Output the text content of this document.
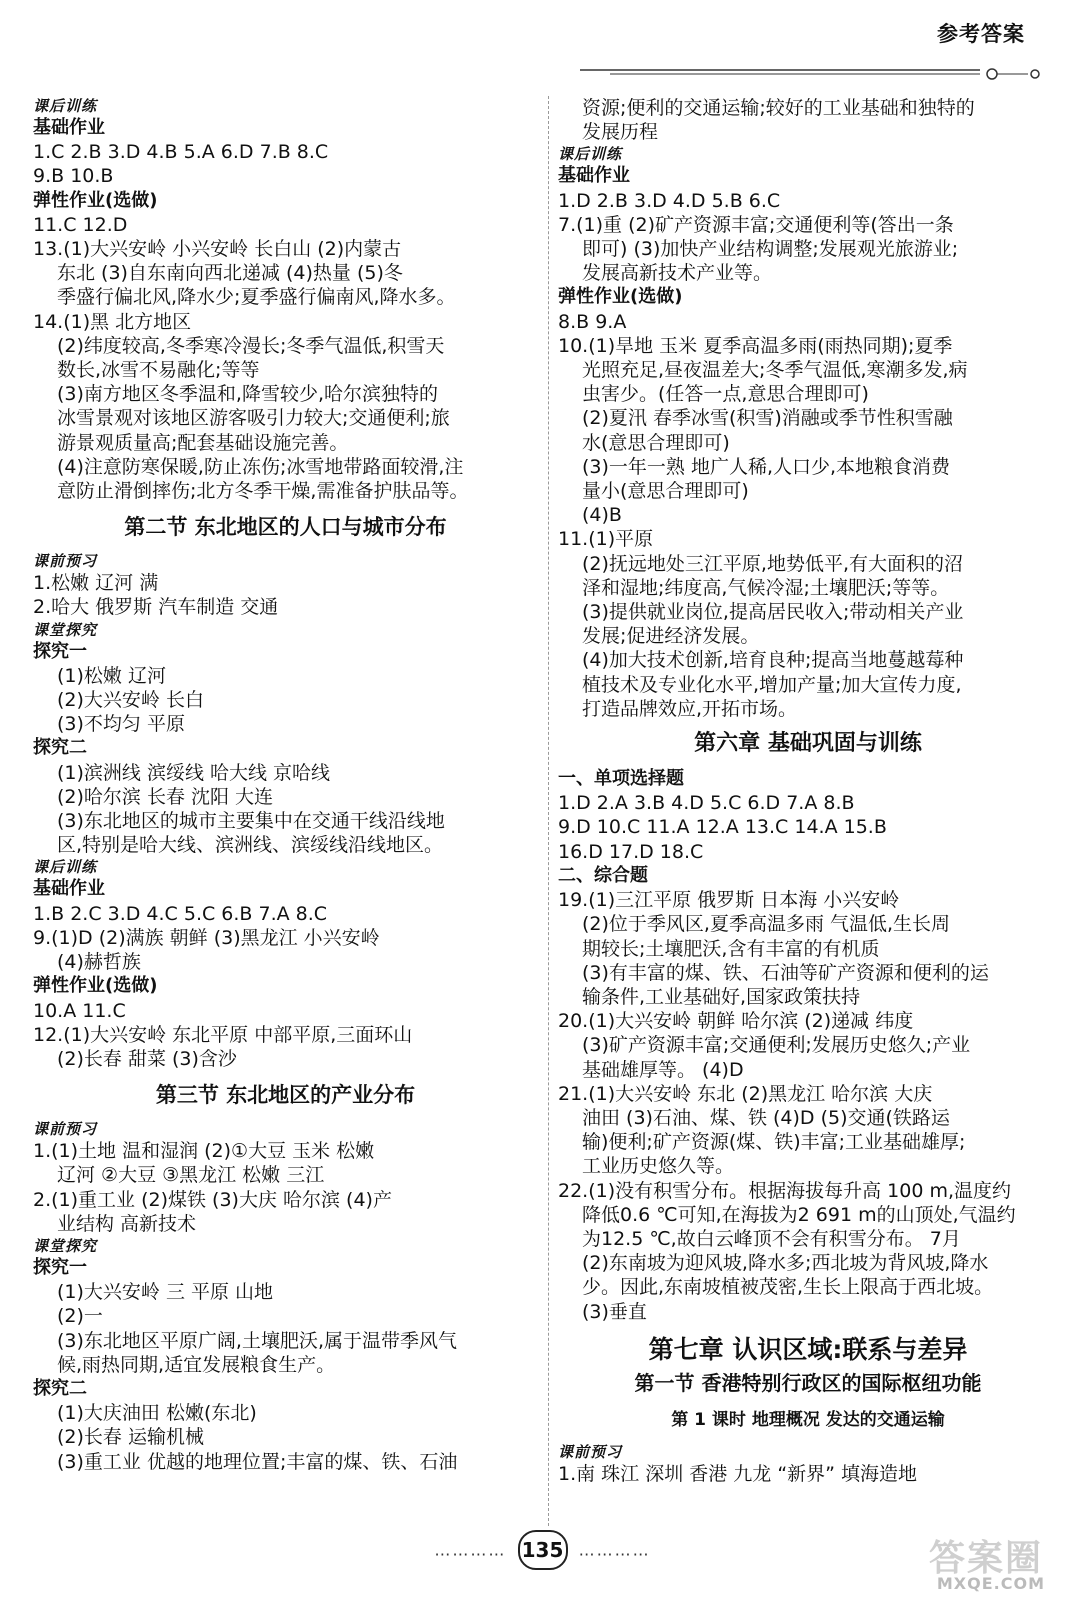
参考答案
课后训练
基础作业
1.C 2.B 3.D 4.B 5.A 6.D 7.B 8.C
9.B 10.B
弹性作业(选做)
11.C 12.D
13.(1)大兴安岭 小兴安岭 长白山 (2)内蒙古
东北 (3)自东南向西北递减 (4)热量 (5)冬
季盛行偏北风,降水少;夏季盛行偏南风,降水多。
14.(1)黑 北方地区
(2)纬度较高,冬季寒冷漫长;冬季气温低,积雪天
数长,冰雪不易融化;等等
(3)南方地区冬季温和,降雪较少,哈尔滨独特的
冰雪景观对该地区游客吸引力较大;交通便利;旅
游景观质量高;配套基础设施完善。
(4)注意防寒保暖,防止冻伤;冰雪地带路面较滑,注
意防止滑倒摔伤;北方冬季干燥,需准备护肤品等。
第二节 东北地区的人口与城市分布
课前预习
1.松嫩 辽河 满
2.哈大 俄罗斯 汽车制造 交通
课堂探究
探究一
(1)松嫩 辽河
(2)大兴安岭 长白
(3)不均匀 平原
探究二
(1)滨洲线 滨绥线 哈大线 京哈线
(2)哈尔滨 长春 沈阳 大连
(3)东北地区的城市主要集中在交通干线沿线地
区,特别是哈大线、滨洲线、滨绥线沿线地区。
课后训练
基础作业
1.B 2.C 3.D 4.C 5.C 6.B 7.A 8.C
9.(1)D (2)满族 朝鲜 (3)黑龙江 小兴安岭
(4)赫哲族
弹性作业(选做)
10.A 11.C
12.(1)大兴安岭 东北平原 中部平原,三面环山
(2)长春 甜菜 (3)含沙
第三节 东北地区的产业分布
课前预习
1.(1)土地 温和湿润 (2)①大豆 玉米 松嫩
辽河 ②大豆 ③黑龙江 松嫩 三江
2.(1)重工业 (2)煤铁 (3)大庆 哈尔滨 (4)产
业结构 高新技术
课堂探究
探究一
(1)大兴安岭 三 平原 山地
(2)一
(3)东北地区平原广阔,土壤肥沃,属于温带季风气
候,雨热同期,适宜发展粮食生产。
探究二
(1)大庆油田 松嫩(东北)
(2)长春 运输机械
(3)重工业 优越的地理位置;丰富的煤、铁、石油
资源;便利的交通运输;较好的工业基础和独特的
发展历程
课后训练
基础作业
1.D 2.B 3.D 4.D 5.B 6.C
7.(1)重 (2)矿产资源丰富;交通便利等(答出一条
即可) (3)加快产业结构调整;发展观光旅游业;
发展高新技术产业等。
弹性作业(选做)
8.B 9.A
10.(1)旱地 玉米 夏季高温多雨(雨热同期);夏季
光照充足,昼夜温差大;冬季气温低,寒潮多发,病
虫害少。(任答一点,意思合理即可)
(2)夏汛 春季冰雪(积雪)消融或季节性积雪融
水(意思合理即可)
(3)一年一熟 地广人稀,人口少,本地粮食消费
量小(意思合理即可)
(4)B
11.(1)平原
(2)抚远地处三江平原,地势低平,有大面积的沼
泽和湿地;纬度高,气候冷湿;土壤肥沃;等等。
(3)提供就业岗位,提高居民收入;带动相关产业
发展;促进经济发展。
(4)加大技术创新,培育良种;提高当地蔓越莓种
植技术及专业化水平,增加产量;加大宣传力度,
打造品牌效应,开拓市场。
第六章 基础巩固与训练
一、单项选择题
1.D 2.A 3.B 4.D 5.C 6.D 7.A 8.B
9.D 10.C 11.A 12.A 13.C 14.A 15.B
16.D 17.D 18.C
二、综合题
19.(1)三江平原 俄罗斯 日本海 小兴安岭
(2)位于季风区,夏季高温多雨 气温低,生长周
期较长;土壤肥沃,含有丰富的有机质
(3)有丰富的煤、铁、石油等矿产资源和便利的运
输条件,工业基础好,国家政策扶持
20.(1)大兴安岭 朝鲜 哈尔滨 (2)递减 纬度
(3)矿产资源丰富;交通便利;发展历史悠久;产业
基础雄厚等。 (4)D
21.(1)大兴安岭 东北 (2)黑龙江 哈尔滨 大庆
油田 (3)石油、煤、铁 (4)D (5)交通(铁路运
输)便利;矿产资源(煤、铁)丰富;工业基础雄厚;
工业历史悠久等。
22.(1)没有积雪分布。根据海拔每升高 100 m,温度约
降低0.6 ℃可知,在海拔为2 691 m的山顶处,气温约
为12.5 ℃,故白云峰顶不会有积雪分布。 7月
(2)东南坡为迎风坡,降水多;西北坡为背风坡,降水
少。因此,东南坡植被茂密,生长上限高于西北坡。
(3)垂直
第七章 认识区域:联系与差异
第一节 香港特别行政区的国际枢纽功能
第 1 课时 地理概况 发达的交通运输
课前预习
1.南 珠江 深圳 香港 九龙 “新界” 填海造地
………… 135 …………	答案圈
MXQE.COM
